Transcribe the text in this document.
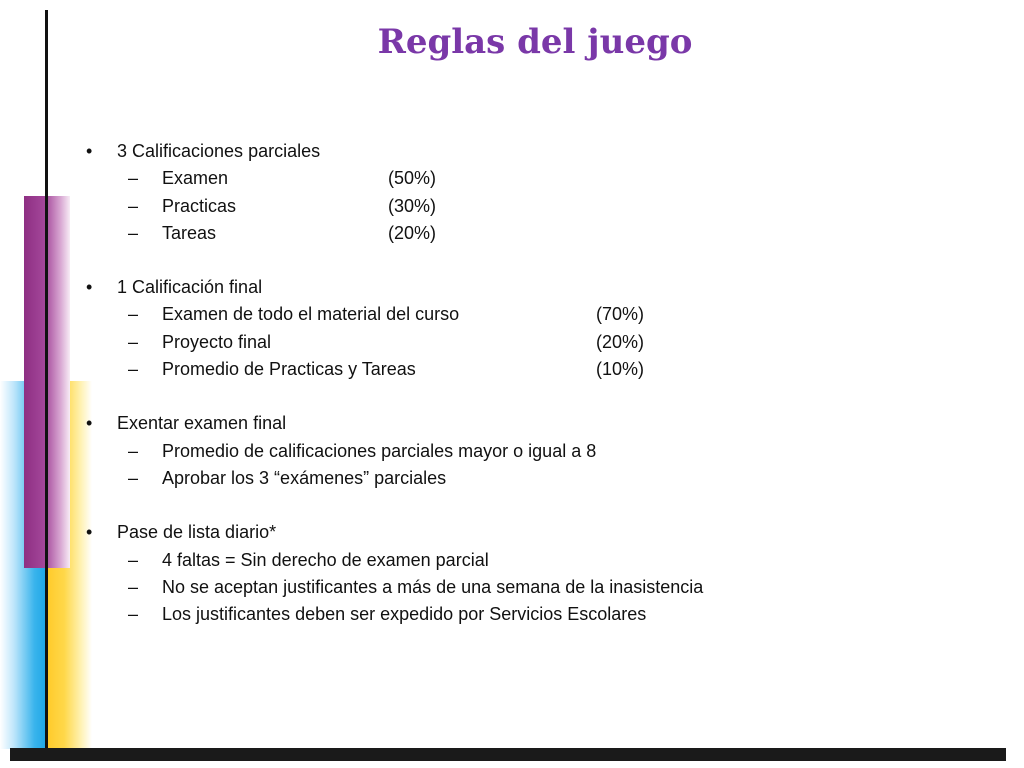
Reglas del juego
• 3 Calificaciones parciales
– Examen	(50%)
– Practicas	(30%)
– Tareas	(20%)
• 1 Calificación final
– Examen de todo el material del curso	(70%)
– Proyecto final	(20%)
– Promedio de Practicas y Tareas	(10%)
• Exentar examen final
– Promedio de calificaciones parciales mayor o igual a 8
– Aprobar los 3 “exámenes” parciales
• Pase de lista diario*
– 4 faltas = Sin derecho de examen parcial
– No se aceptan justificantes a más de una semana de la inasistencia
– Los justificantes deben ser expedido por Servicios Escolares
